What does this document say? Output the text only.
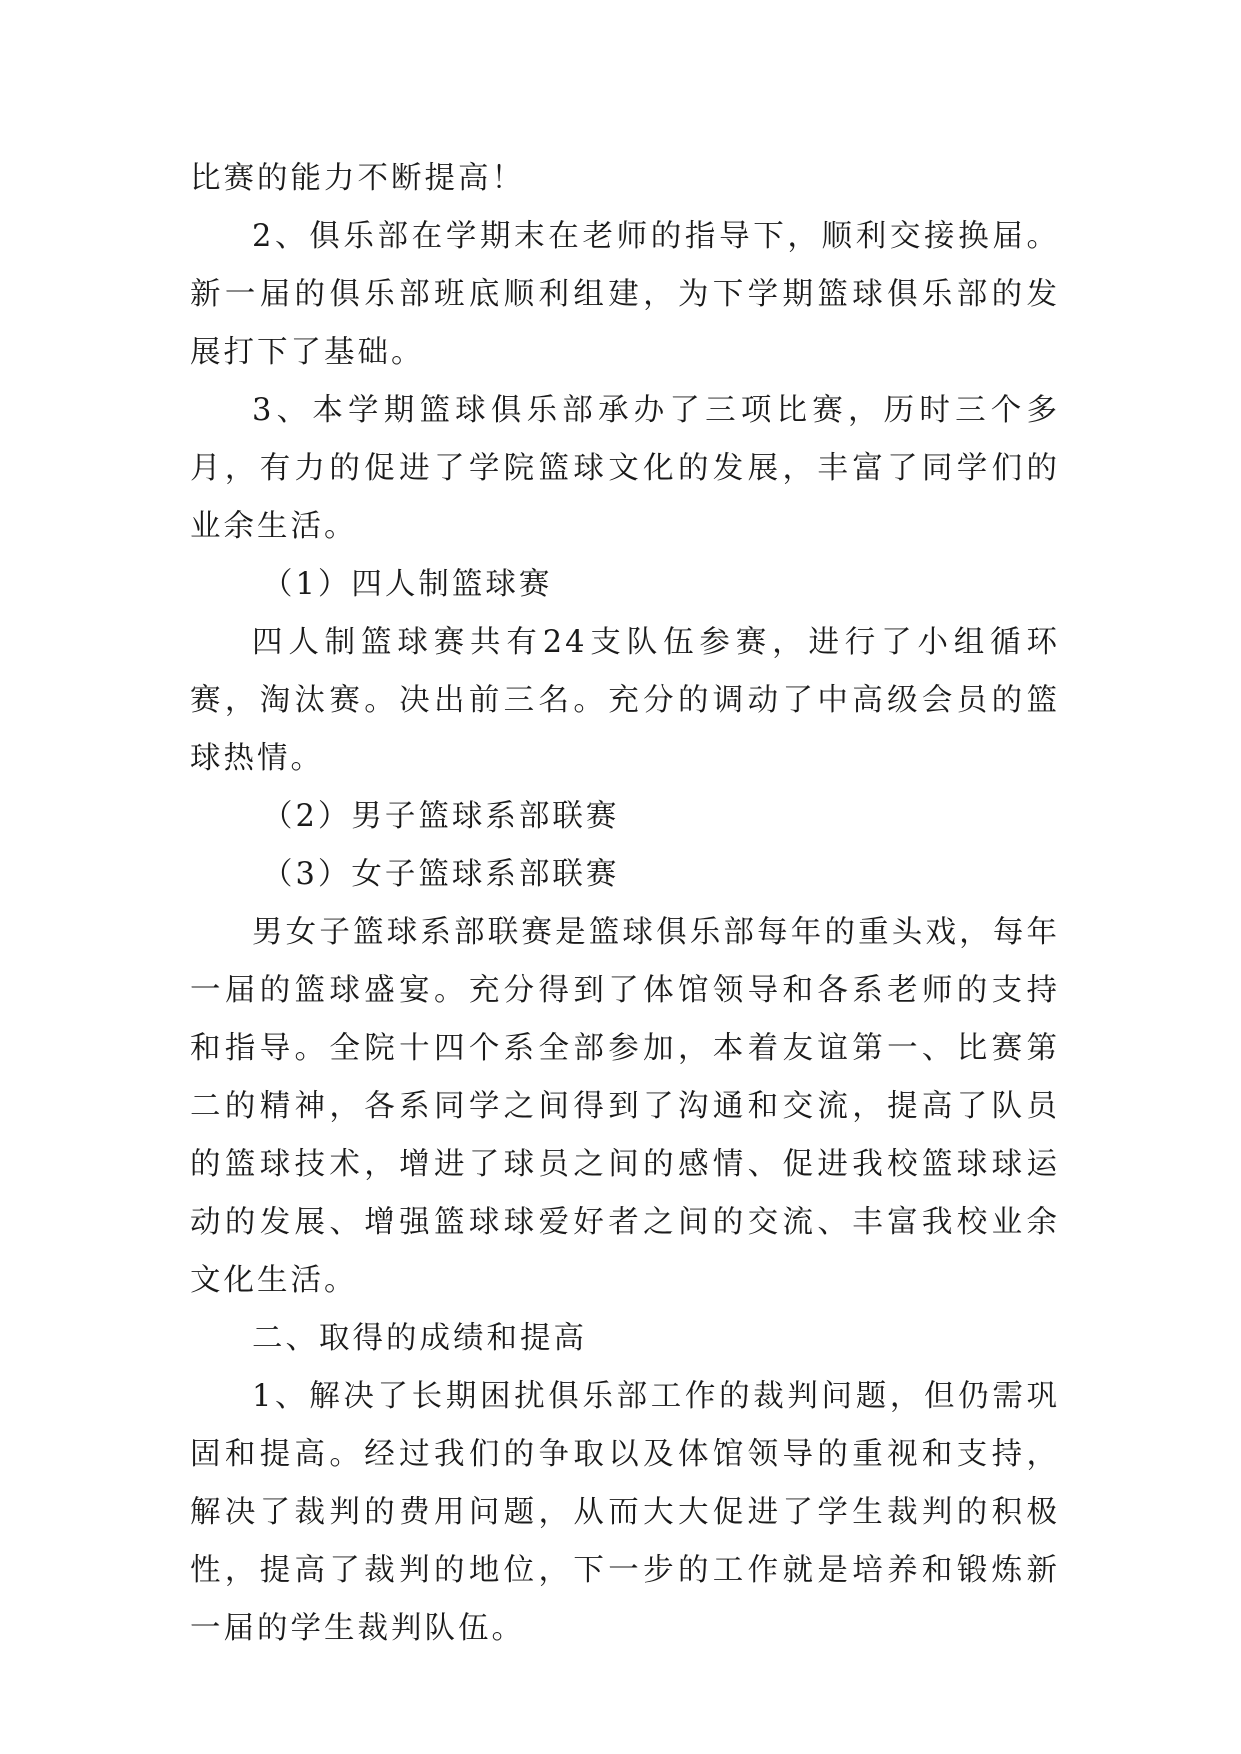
比赛的能力不断提高！

2、俱乐部在学期末在老师的指导下，顺利交接换届。新一届的俱乐部班底顺利组建，为下学期篮球俱乐部的发展打下了基础。

3、本学期篮球俱乐部承办了三项比赛，历时三个多月，有力的促进了学院篮球文化的发展，丰富了同学们的业余生活。

（1）四人制篮球赛

四人制篮球赛共有24支队伍参赛，进行了小组循环赛，淘汰赛。决出前三名。充分的调动了中高级会员的篮球热情。

（2）男子篮球系部联赛

（3）女子篮球系部联赛

男女子篮球系部联赛是篮球俱乐部每年的重头戏，每年一届的篮球盛宴。充分得到了体馆领导和各系老师的支持和指导。全院十四个系全部参加，本着友谊第一、比赛第二的精神，各系同学之间得到了沟通和交流，提高了队员的篮球技术，增进了球员之间的感情、促进我校篮球球运动的发展、增强篮球球爱好者之间的交流、丰富我校业余文化生活。

二、取得的成绩和提高

1、解决了长期困扰俱乐部工作的裁判问题，但仍需巩固和提高。经过我们的争取以及体馆领导的重视和支持，解决了裁判的费用问题，从而大大促进了学生裁判的积极性，提高了裁判的地位，下一步的工作就是培养和锻炼新一届的学生裁判队伍。
